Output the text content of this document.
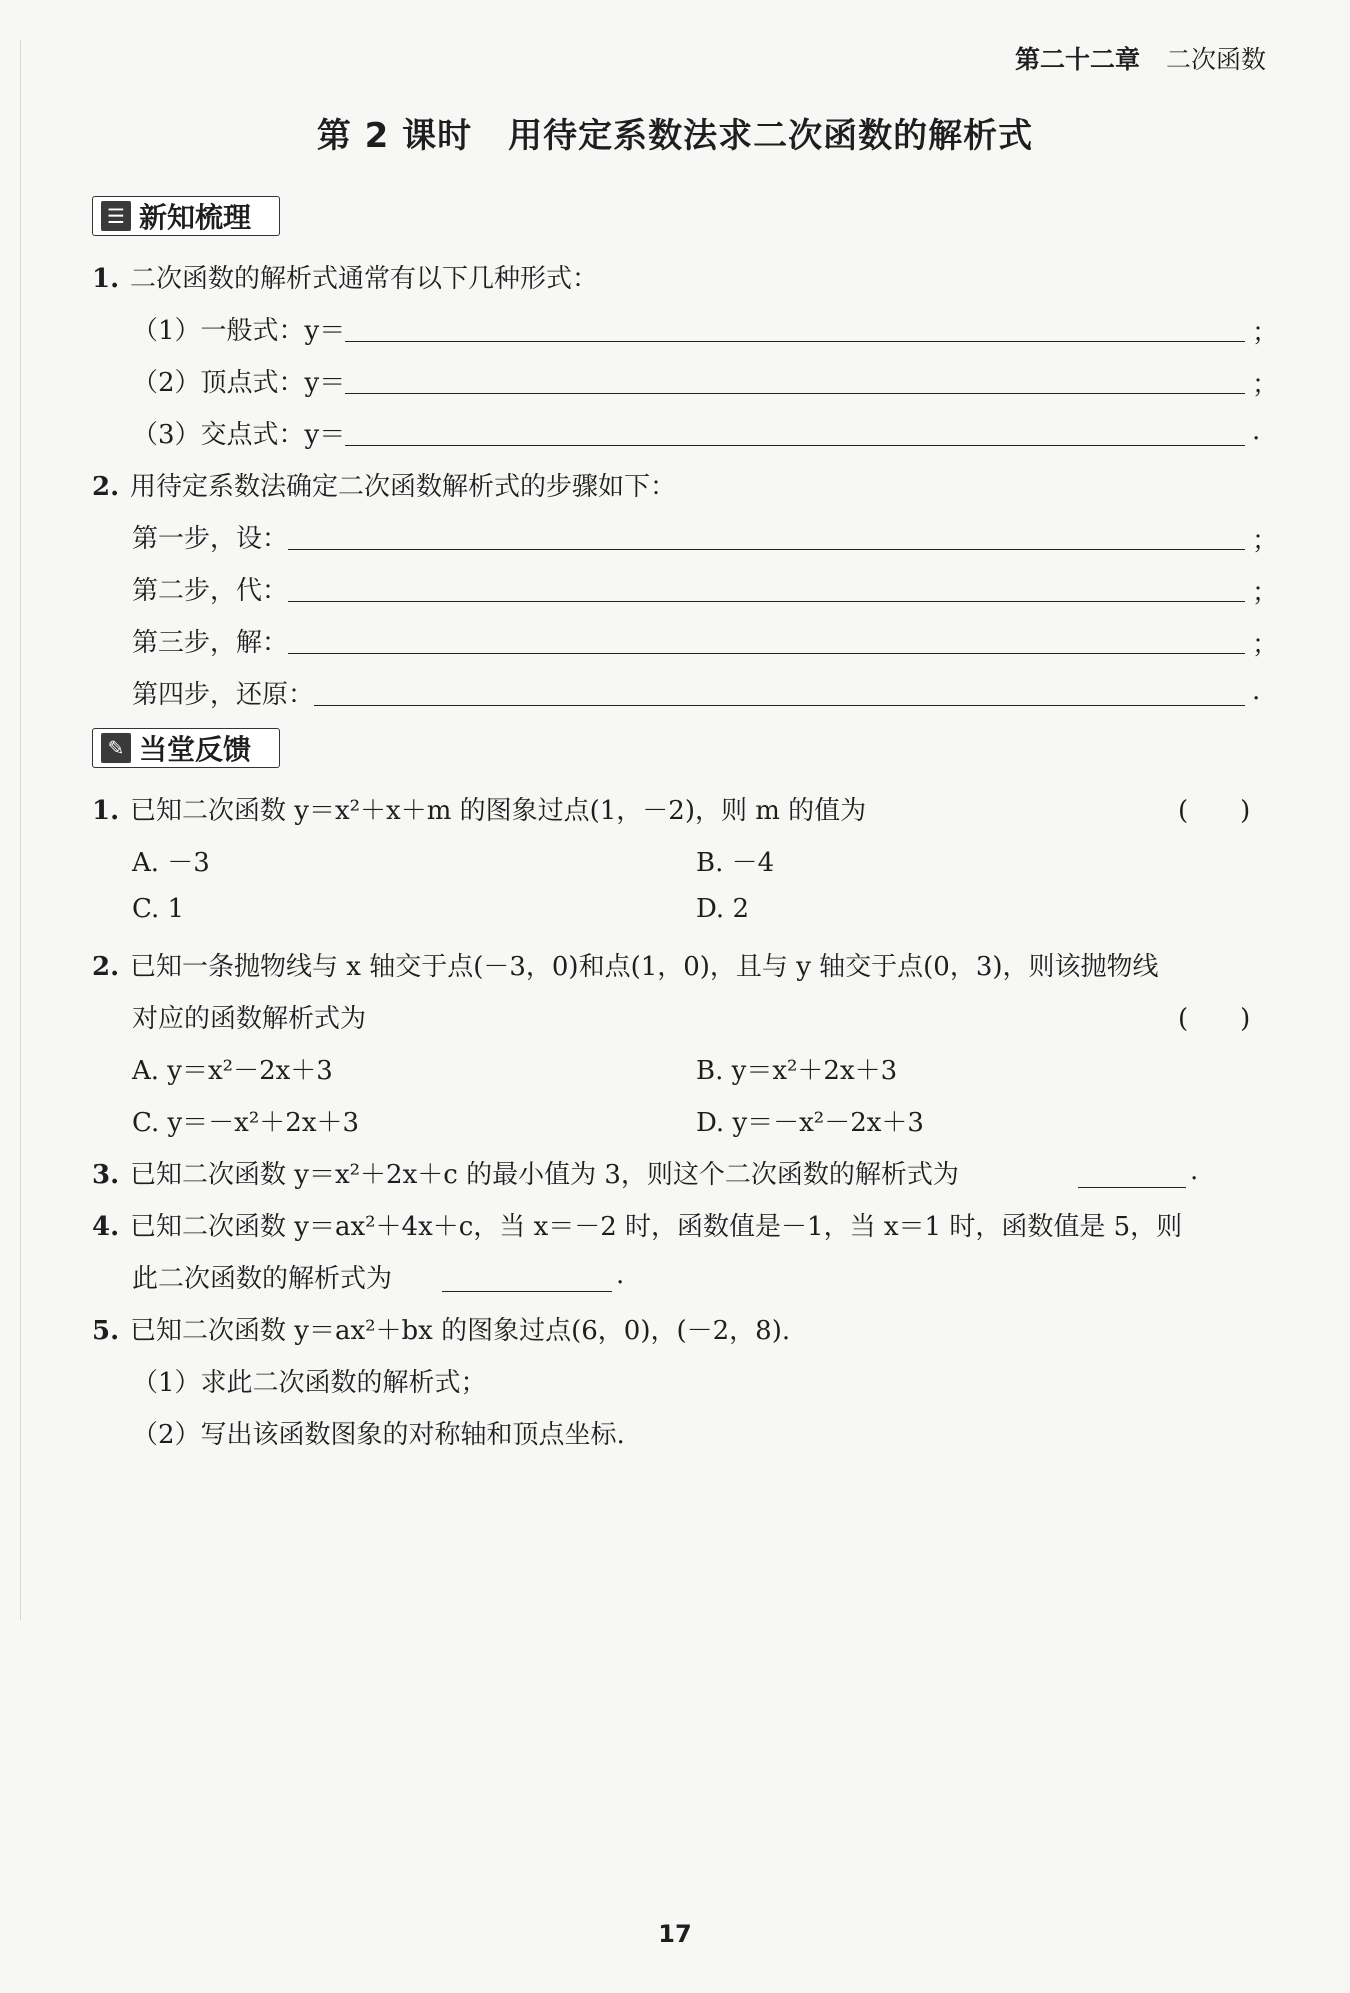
第二十二章 二次函数
第 2 课时 用待定系数法求二次函数的解析式
☰ 新知梳理
1. 二次函数的解析式通常有以下几种形式：
（1）一般式：y＝	；
（2）顶点式：y＝	；
（3）交点式：y＝	.
2. 用待定系数法确定二次函数解析式的步骤如下：
第一步，设：	；
第二步，代：	；
第三步，解：	；
第四步，还原：	.
✎ 当堂反馈
1. 已知二次函数 y＝x²＋x＋m 的图象过点(1，－2)，则 m 的值为	(　　)
A. －3	B. －4
C. 1	D. 2
2. 已知一条抛物线与 x 轴交于点(－3，0)和点(1，0)，且与 y 轴交于点(0，3)，则该抛物线
对应的函数解析式为	(　　)
A. y＝x²－2x＋3	B. y＝x²＋2x＋3
C. y＝－x²＋2x＋3	D. y＝－x²－2x＋3
3. 已知二次函数 y＝x²＋2x＋c 的最小值为 3，则这个二次函数的解析式为	.
4. 已知二次函数 y＝ax²＋4x＋c，当 x＝－2 时，函数值是－1，当 x＝1 时，函数值是 5，则
此二次函数的解析式为	.
5. 已知二次函数 y＝ax²＋bx 的图象过点(6，0)，(－2，8).
（1）求此二次函数的解析式；
（2）写出该函数图象的对称轴和顶点坐标.
17
